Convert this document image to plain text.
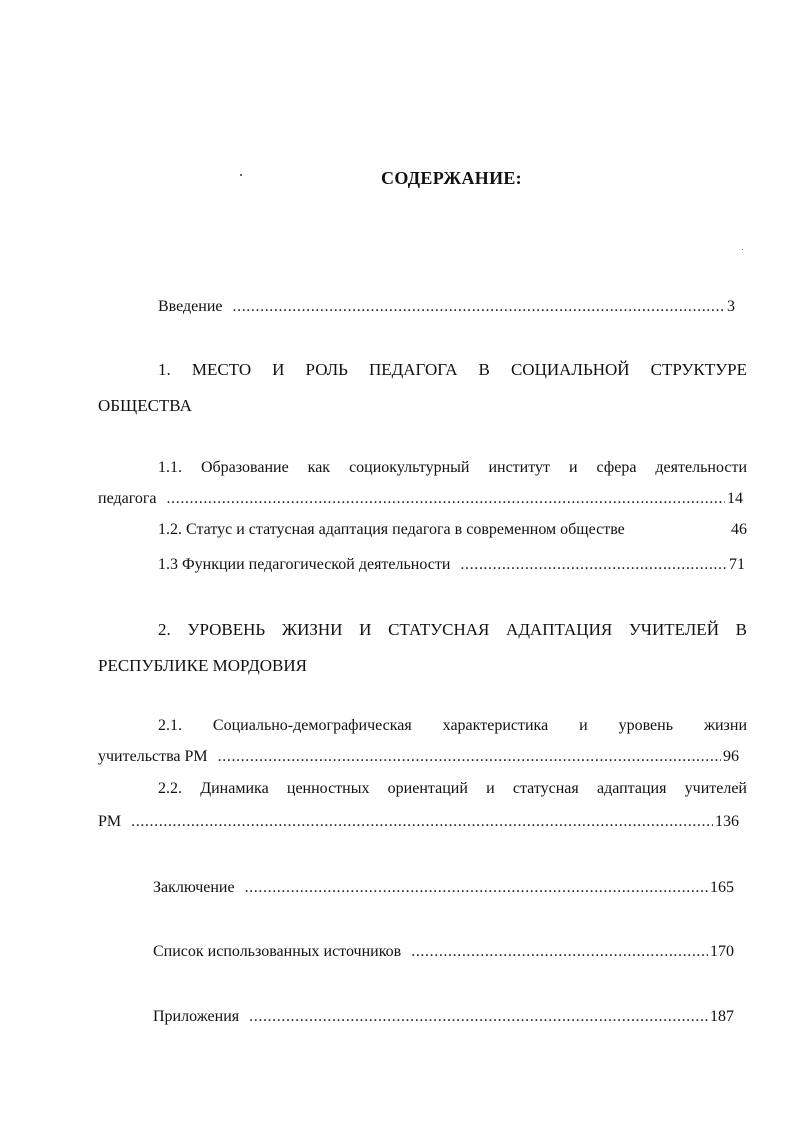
СОДЕРЖАНИЕ:
Введение .....	3
1. МЕСТО И РОЛЬ ПЕДАГОГА В СОЦИАЛЬНОЙ СТРУКТУРЕ
ОБЩЕСТВА
1.1. Образование как социокультурный институт и сфера деятельности
педагога .....	14
1.2. Статус и статусная адаптация педагога в современном обществе	46
1.3 Функции педагогической деятельности .....	71
2. УРОВЕНЬ ЖИЗНИ И СТАТУСНАЯ АДАПТАЦИЯ УЧИТЕЛЕЙ В
РЕСПУБЛИКЕ МОРДОВИЯ
2.1. Социально-демографическая характеристика и уровень жизни
учительства РМ .....	96
2.2. Динамика ценностных ориентаций и статусная адаптация учителей
РМ .....	136
Заключение .....	165
Список использованных источников .....	170
Приложения .....	187
